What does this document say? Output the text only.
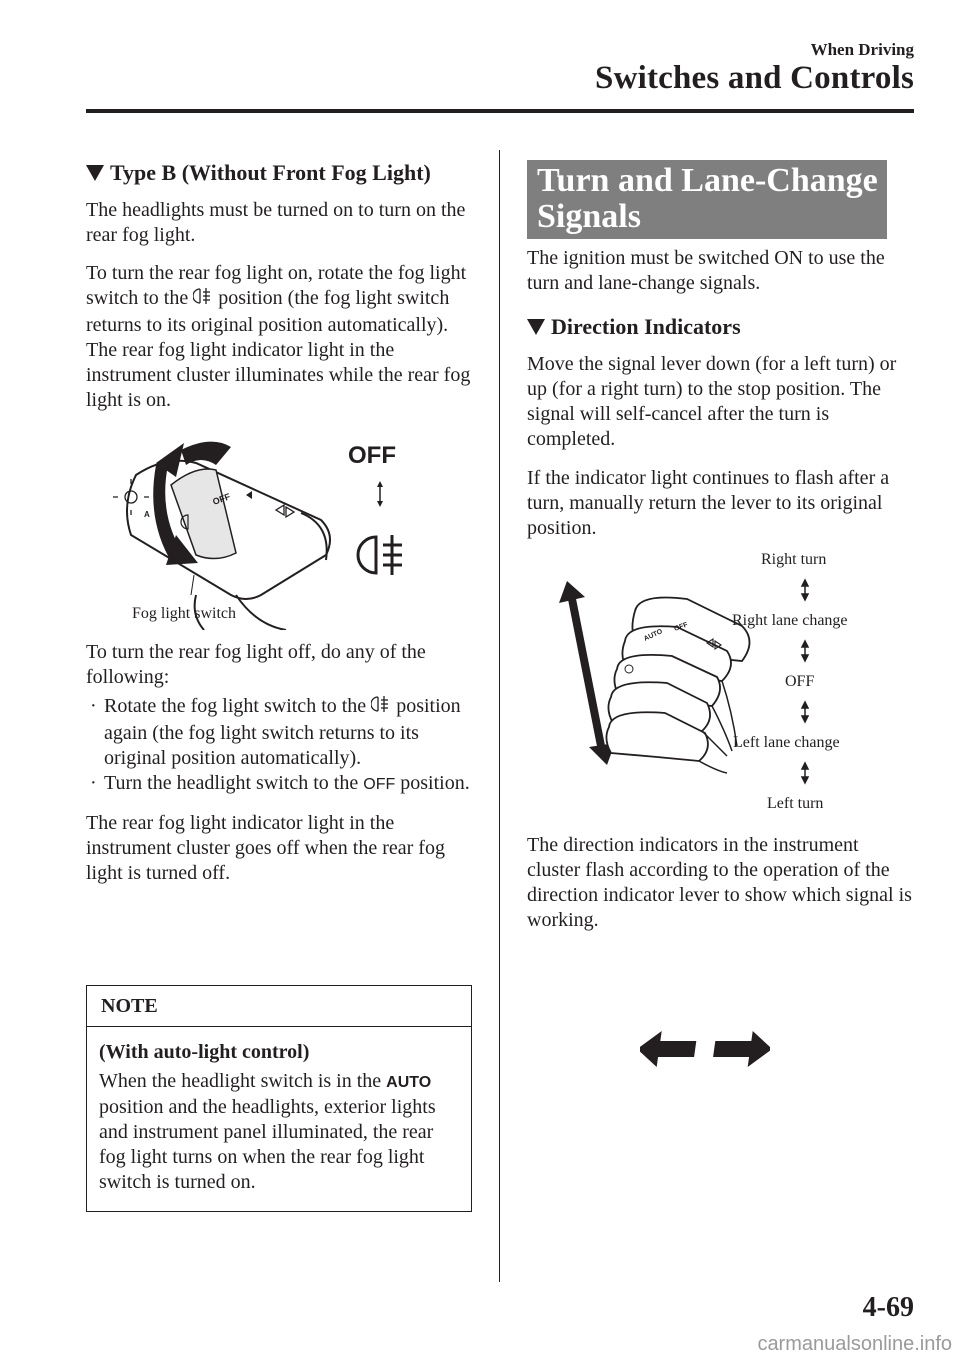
When Driving
Switches and Controls
Type B (Without Front Fog Light)

The headlights must be turned on to turn on the rear fog light.

To turn the rear fog light on, rotate the fog light switch to the position (the fog light switch returns to its original position automatically).

The rear fog light indicator light in the instrument cluster illuminates while the rear fog light is on.

OFF
A
OFF
Fog light switch

To turn the rear fog light off, do any of the following:

· Rotate the fog light switch to the position again (the fog light switch returns to its original position automatically).
· Turn the headlight switch to the OFF position.

The rear fog light indicator light in the instrument cluster goes off when the rear fog light is turned off.

NOTE
(With auto-light control)

When the headlight switch is in the AUTO position and the headlights, exterior lights and instrument panel illuminated, the rear fog light turns on when the rear fog light switch is turned on.

Turn and Lane-Change Signals

The ignition must be switched ON to use the turn and lane-change signals.

Direction Indicators

Move the signal lever down (for a left turn) or up (for a right turn) to the stop position. The signal will self-cancel after the turn is completed.

If the indicator light continues to flash after a turn, manually return the lever to its original position.

AUTO
OFF
Right turn
Right lane change
OFF
Left lane change
Left turn

The direction indicators in the instrument cluster flash according to the operation of the direction indicator lever to show which signal is working.

4-69
carmanualsonline.info
